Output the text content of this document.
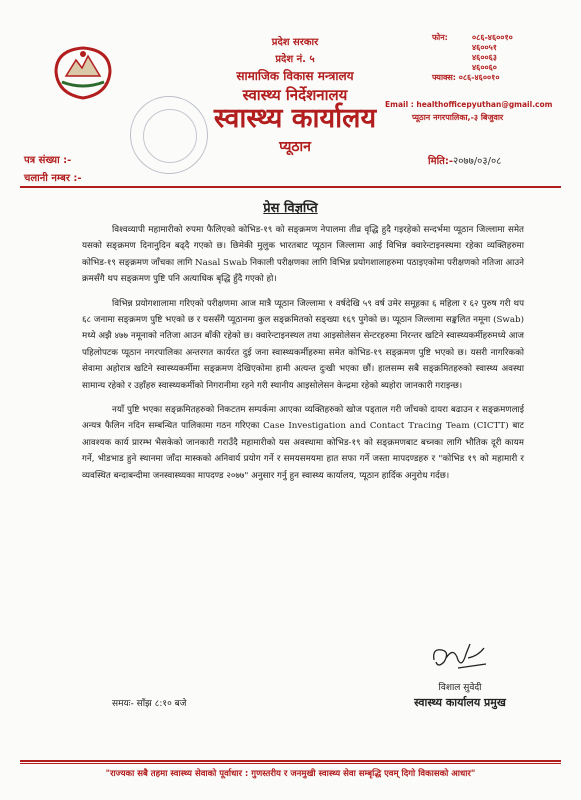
प्रदेश सरकार
प्रदेश नं. ५
सामाजिक विकास मन्त्रालय
स्वास्थ्य निर्देशनालय
स्वास्थ्य कार्यालय
प्यूठान
फोन:	०८६-४६००१०
४६००५१
४६००६३
४६००६०
फ्याक्स: ०८६-४६००१०
Email : healthofficepyuthan@gmail.com
प्यूठान नगरपालिका,-३ बिजुवार
पत्र संख्या :-
चलानी नम्बर :-
मिति:-२०७७/०३/०८
प्रेस विज्ञप्ति

विश्वव्यापी महामारीको रुपमा फैलिएको कोभिड-१९ को सङ्क्रमण नेपालमा तीव्र वृद्धि हुदै गइरहेको सन्दर्भमा प्यूठान जिल्लामा समेत यसको सङ्क्रमण दिनानुदिन बढ्दै गएको छ। छिमेकी मुलुक भारतबाट प्यूठान जिल्लामा आई विभिन्न क्वारेन्टाइनस्थमा रहेका व्यक्तिहरुमा कोभिड-१९ सङ्क्रमण जाँचका लागि Nasal Swab निकाली परीक्षणका लागि विभिन्न प्रयोगशालाहरुमा पठाइएकोमा परीक्षणको नतिजा आउने क्रमसँगै थप सङ्क्रमण पुष्टि पनि अत्याधिक बृद्धि हुँदै गएको हो।

विभिन्न प्रयोगशालामा गरिएको परीक्षणमा आज मात्रै प्यूठान जिल्लामा १ वर्षदेखि ५९ वर्ष उमेर समूहका ६ महिला र ६२ पुरुष गरी थप ६८ जनामा सङ्क्रमण पुष्टि भएको छ र यससँगै प्यूठानमा कुल सङ्क्रमितको सङ्ख्या १६९ पुगेको छ। प्यूठान जिल्लामा सङ्कलित नमूना (Swab) मध्ये अझै ४७७ नमूनाको नतिजा आउन बाँकी रहेको छ। क्वारेन्टाइनस्थल तथा आइसोलेसन सेन्टरहरुमा निरन्तर खटिने स्वास्थ्यकर्मीहरुमध्ये आज पहिलोपटक प्यूठान नगरपालिका अन्तरगत कार्यरत दुई जना स्वास्थ्यकर्मीहरुमा समेत कोभिड-१९ सङ्क्रमण पुष्टि भएको छ। यसरी नागरिकको सेवामा अहोरात्र खटिने स्वास्थ्यकर्मीमा सङ्क्रमण देखिएकोमा हामी अत्यन्त दुःखी भएका छौं। हालसम्म सबै सङ्क्रमितहरुको स्वास्थ्य अवस्था सामान्य रहेको र उहाँहरु स्वास्थ्यकर्मीको निगरानीमा रहने गरी स्थानीय आइसोलेसन केन्द्रमा रहेको ब्यहोरा जानकारी गराइन्छ।

नयाँ पुष्टि भएका सङ्क्रमितहरुको निकटतम सम्पर्कमा आएका व्यक्तिहरुको खोज पड्ताल गरी जाँचको दायरा बढाउन र सङ्क्रमणलाई अन्यत्र फैलिन नदिन सम्बन्धित पालिकामा गठन गरिएका Case Investigation and Contact Tracing Team (CICTT) बाट आवश्यक कार्य प्रारम्भ भैसकेको जानकारी गराउँदै महामारीको यस अवस्थामा कोभिड-१९ को सङ्क्रमणबाट बच्नका लागि भौतिक दूरी कायम गर्ने, भीडभाड हुने स्थानमा जाँदा मास्कको अनिवार्य प्रयोग गर्ने र समयसमयमा हात सफा गर्ने जस्ता मापदण्डहरु र "कोभिड १९ को महामारी र व्यवस्थित बन्दाबन्दीमा जनस्वास्थ्यका मापदण्ड २०७७" अनुसार गर्नु हुन स्वास्थ्य कार्यालय, प्यूठान हार्दिक अनुरोध गर्दछ।

विशाल सुवेदी
स्वास्थ्य कार्यालय प्रमुख
समयः- साँझ ८:१० बजे
"राज्यका सबै तहमा स्वास्थ्य सेवाको पूर्वाधार : गुणस्तरीय र जनमुखी स्वास्थ्य सेवा सम्बृद्धि एवम् दिगो विकासको आधार"
